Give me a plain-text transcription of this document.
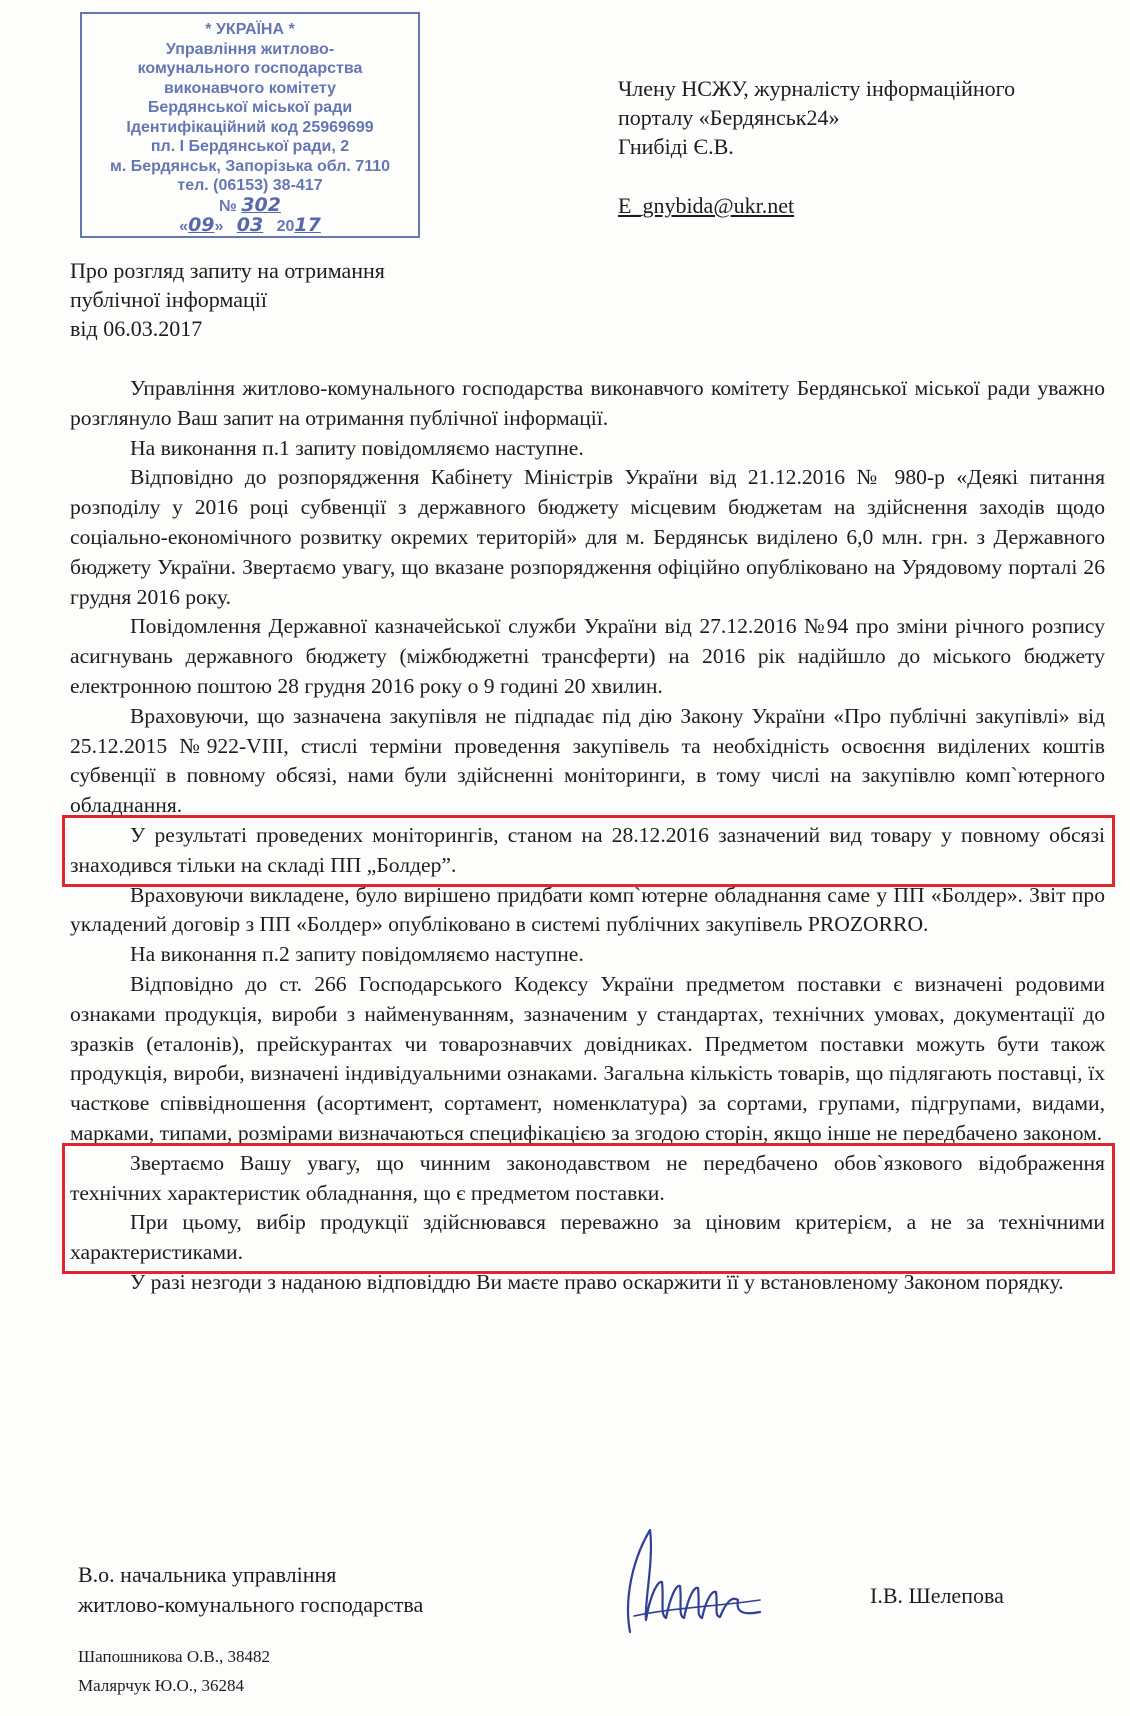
* УКРАЇНА *
Управління житлово-
комунального господарства
виконавчого комітету
Бердянської міської ради
Ідентифікаційний код 25969699
пл. І Бердянської ради, 2
м. Бердянськ, Запорізька обл. 7110
тел. (06153) 38-417
№ 302
«09» 03 2017
Члену НСЖУ, журналісту інформаційного
порталу «Бердянськ24»
Гнибіді Є.В.
E_gnybida@ukr.net
Про розгляд запиту на отримання
публічної інформації
від 06.03.2017

Управління житлово-комунального господарства виконавчого комітету Бердянської міської ради уважно розглянуло Ваш запит на отримання публічної інформації.

На виконання п.1 запиту повідомляємо наступне.

Відповідно до розпорядження Кабінету Міністрів України від 21.12.2016 № 980-р «Деякі питання розподілу у 2016 році субвенції з державного бюджету місцевим бюджетам на здійснення заходів щодо соціально-економічного розвитку окремих територій» для м. Бердянськ виділено 6,0 млн. грн. з Державного бюджету України. Звертаємо увагу, що вказане розпорядження офіційно опубліковано на Урядовому порталі 26 грудня 2016 року.

Повідомлення Державної казначейської служби України від 27.12.2016 №94 про зміни річного розпису асигнувань державного бюджету (міжбюджетні трансферти) на 2016 рік надійшло до міського бюджету електронною поштою 28 грудня 2016 року о 9 годині 20 хвилин.

Враховуючи, що зазначена закупівля не підпадає під дію Закону України «Про публічні закупівлі» від 25.12.2015 №922-VIII, стислі терміни проведення закупівель та необхідність освоєння виділених коштів субвенції в повному обсязі, нами були здійсненні моніторинги, в тому числі на закупівлю комп`ютерного обладнання.

У результаті проведених моніторингів, станом на 28.12.2016 зазначений вид товару у повному обсязі знаходився тільки на складі ПП „Болдер”.

Враховуючи викладене, було вирішено придбати комп`ютерне обладнання саме у ПП «Болдер». Звіт про укладений договір з ПП «Болдер» опубліковано в системі публічних закупівель PROZORRO.

На виконання п.2 запиту повідомляємо наступне.

Відповідно до ст. 266 Господарського Кодексу України предметом поставки є визначені родовими ознаками продукція, вироби з найменуванням, зазначеним у стандартах, технічних умовах, документації до зразків (еталонів), прейскурантах чи товарознавчих довідниках. Предметом поставки можуть бути також продукція, вироби, визначені індивідуальними ознаками. Загальна кількість товарів, що підлягають поставці, їх часткове співвідношення (асортимент, сортамент, номенклатура) за сортами, групами, підгрупами, видами, марками, типами, розмірами визначаються специфікацією за згодою сторін, якщо інше не передбачено законом.

Звертаємо Вашу увагу, що чинним законодавством не передбачено обов`язкового відображення технічних характеристик обладнання, що є предметом поставки.

При цьому, вибір продукції здійснювався переважно за ціновим критерієм, а не за технічними характеристиками.

У разі незгоди з наданою відповіддю Ви маєте право оскаржити її у встановленому Законом порядку.

В.о. начальника управління
житлово-комунального господарства	І.В. Шелепова
Шапошникова О.В., 38482
Малярчук Ю.О., 36284
